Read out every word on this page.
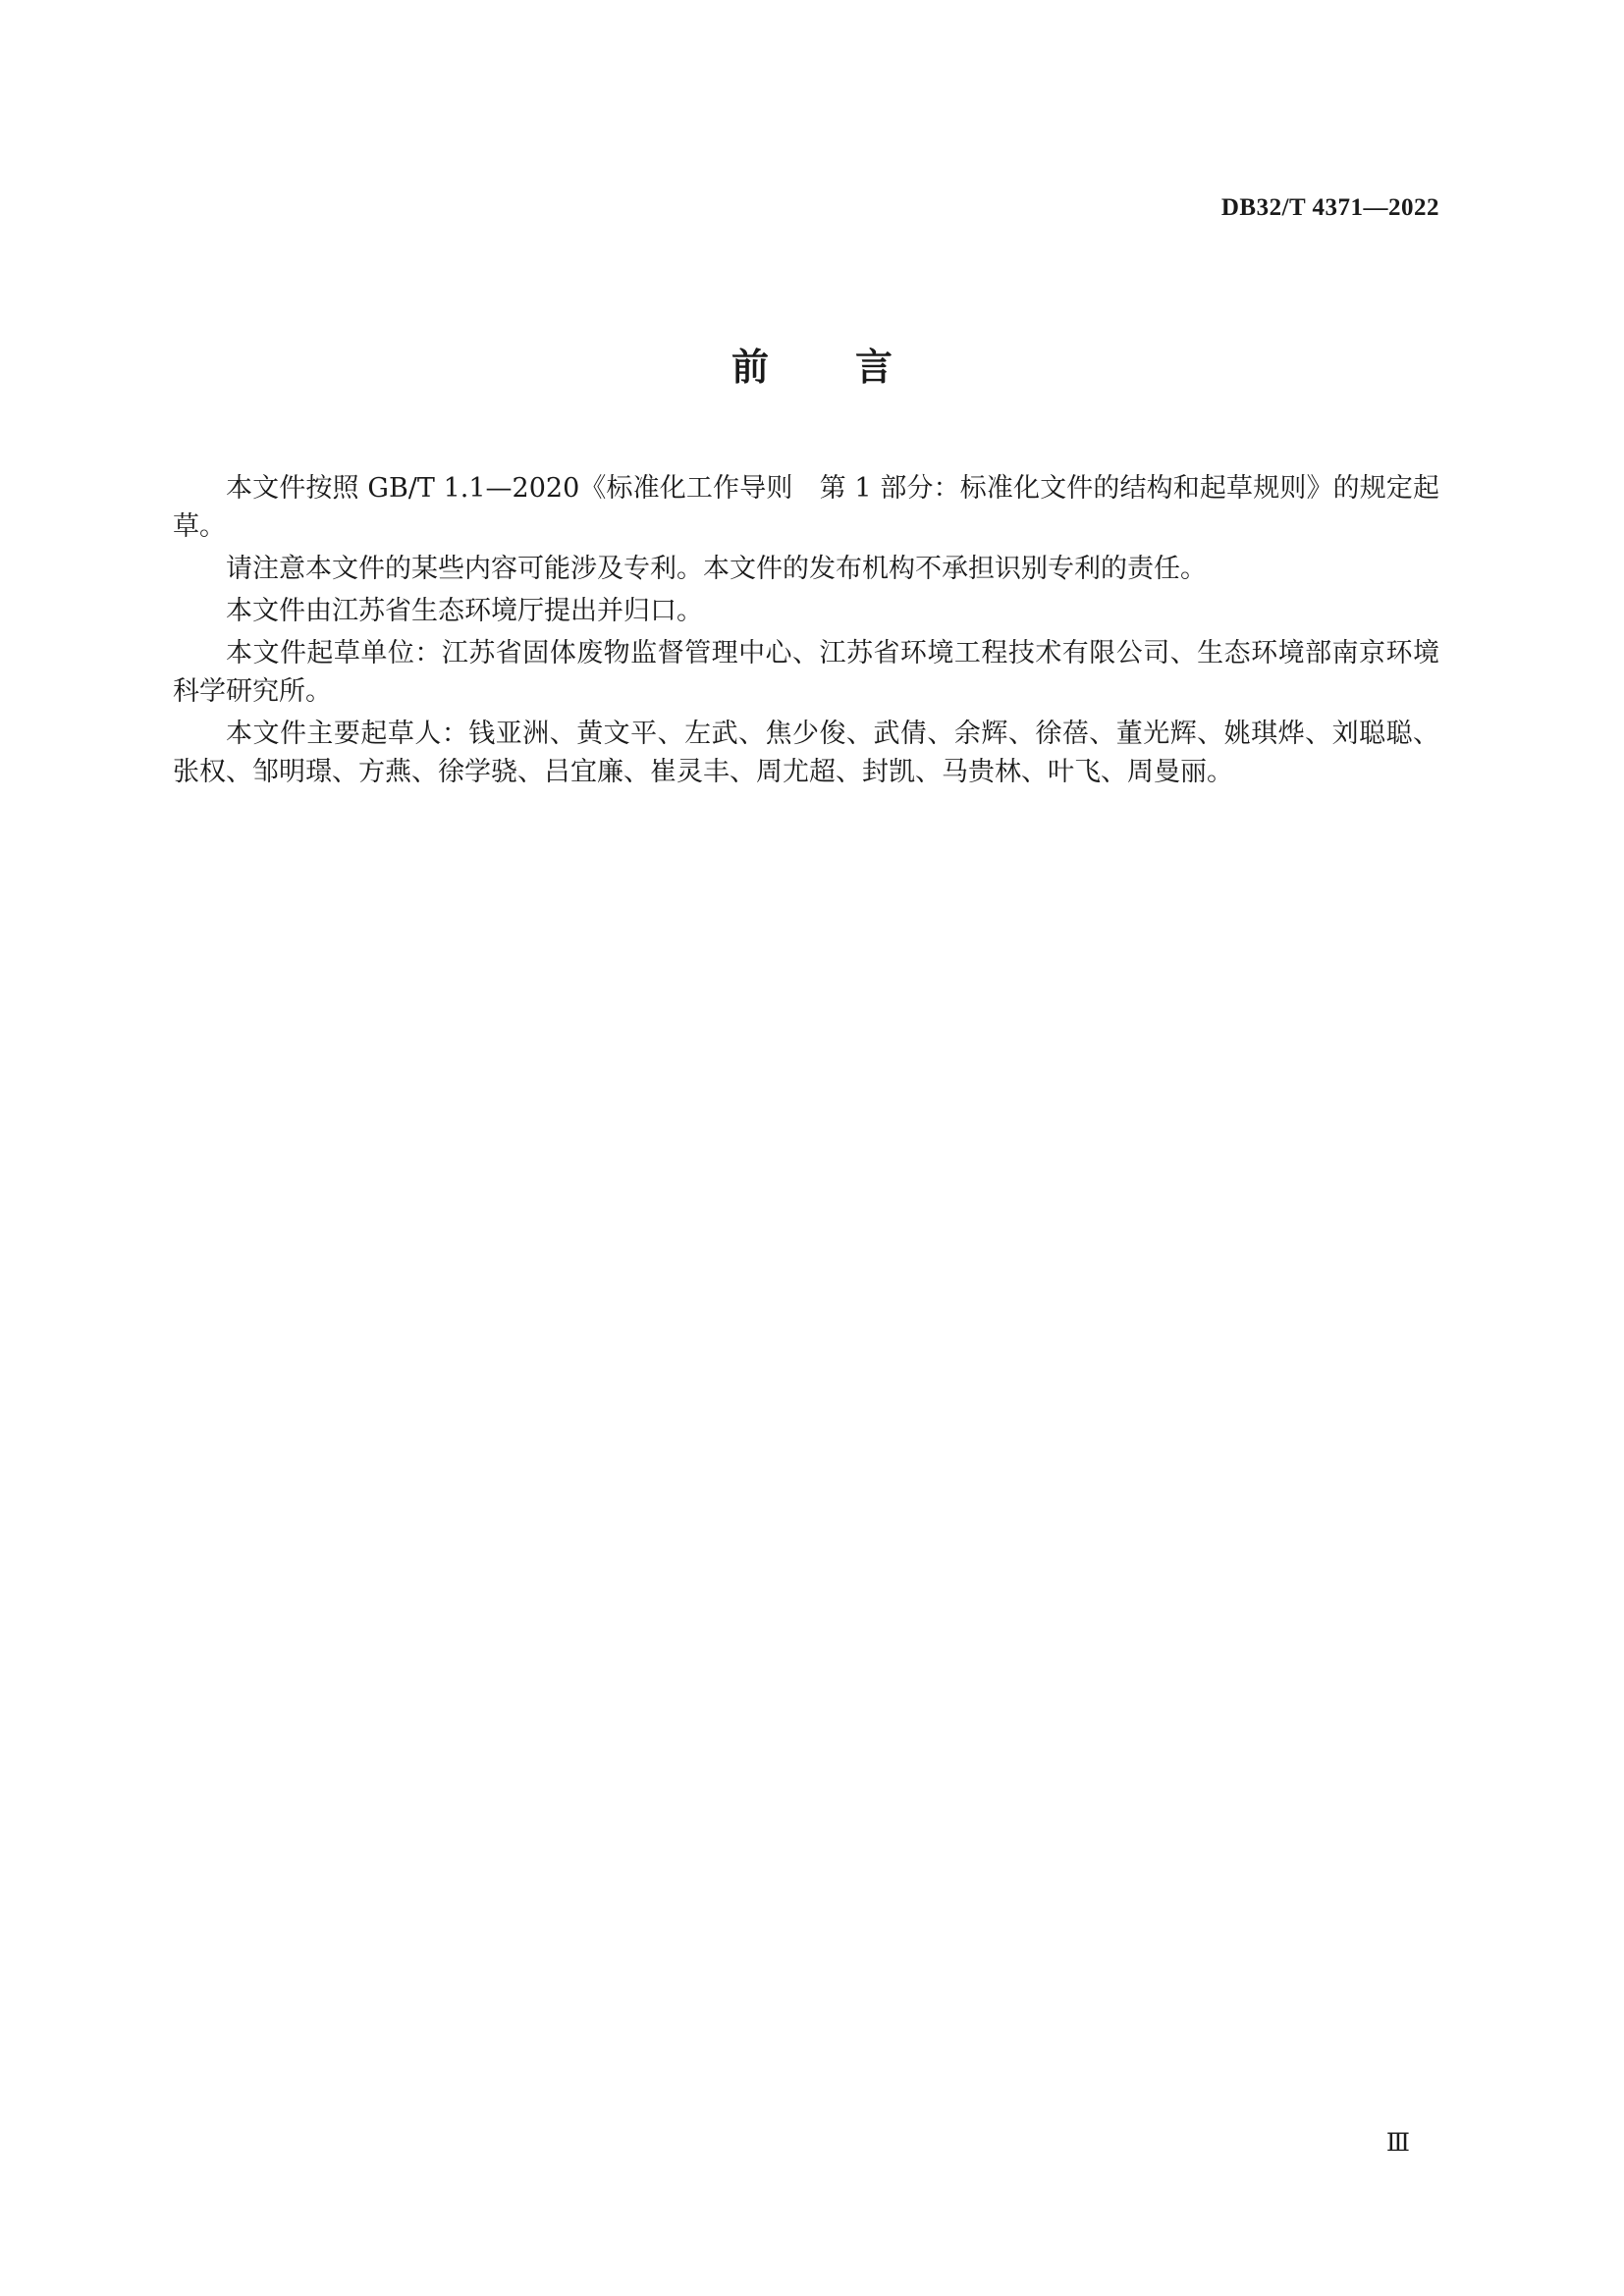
DB32/T 4371—2022
前言

本文件按照 GB/T 1.1—2020《标准化工作导则　第 1 部分：标准化文件的结构和起草规则》的规定起草。

请注意本文件的某些内容可能涉及专利。本文件的发布机构不承担识别专利的责任。

本文件由江苏省生态环境厅提出并归口。

本文件起草单位：江苏省固体废物监督管理中心、江苏省环境工程技术有限公司、生态环境部南京环境科学研究所。

本文件主要起草人：钱亚洲、黄文平、左武、焦少俊、武倩、余辉、徐蓓、董光辉、姚琪烨、刘聪聪、张权、邹明璟、方燕、徐学骁、吕宜廉、崔灵丰、周尤超、封凯、马贵林、叶飞、周曼丽。

Ⅲ
